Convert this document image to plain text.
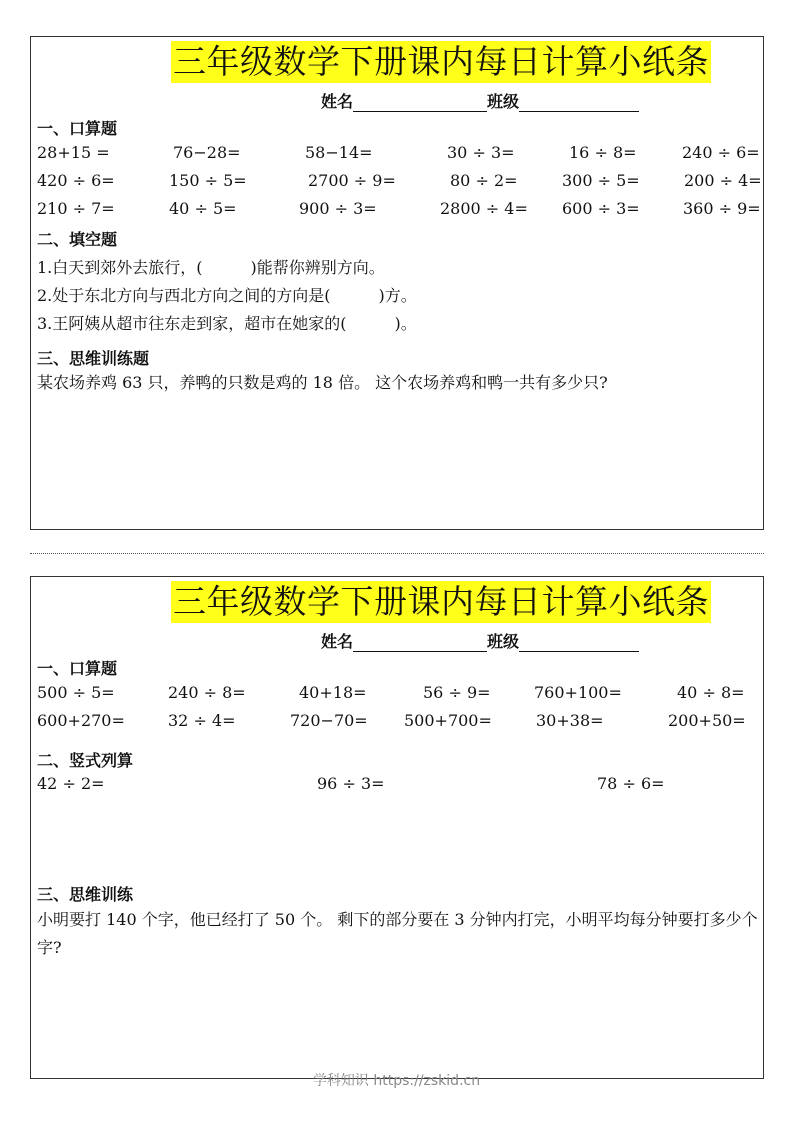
三年级数学下册课内每日计算小纸条
姓名	班级
一、口算题
28+15 =	76−28=	58−14=	30 ÷ 3=	16 ÷ 8=	240 ÷ 6=
420 ÷ 6=	150 ÷ 5=	2700 ÷ 9=	80 ÷ 2=	300 ÷ 5=	200 ÷ 4=
210 ÷ 7=	40 ÷ 5=	900 ÷ 3=	2800 ÷ 4= 600 ÷ 3=	360 ÷ 9=
二、填空题
1.白天到郊外去旅行，(　　　)能帮你辨别方向。
2.处于东北方向与西北方向之间的方向是(　　　)方。
3.王阿姨从超市往东走到家，超市在她家的(　　　)。
三、思维训练题
某农场养鸡 63 只，养鸭的只数是鸡的 18 倍。 这个农场养鸡和鸭一共有多少只?
三年级数学下册课内每日计算小纸条
姓名	班级
一、口算题
500 ÷ 5=	240 ÷ 8=	40+18=	56 ÷ 9=	760+100=	40 ÷ 8=
600+270=	32 ÷ 4=	720−70= 500+700=	30+38=	200+50=
二、竖式列算
42 ÷ 2=	96 ÷ 3=	78 ÷ 6=
三、思维训练
小明要打 140 个字，他已经打了 50 个。 剩下的部分要在 3 分钟内打完，小明平均每分钟要打多少个字?
学科知识 https://zskid.cn
